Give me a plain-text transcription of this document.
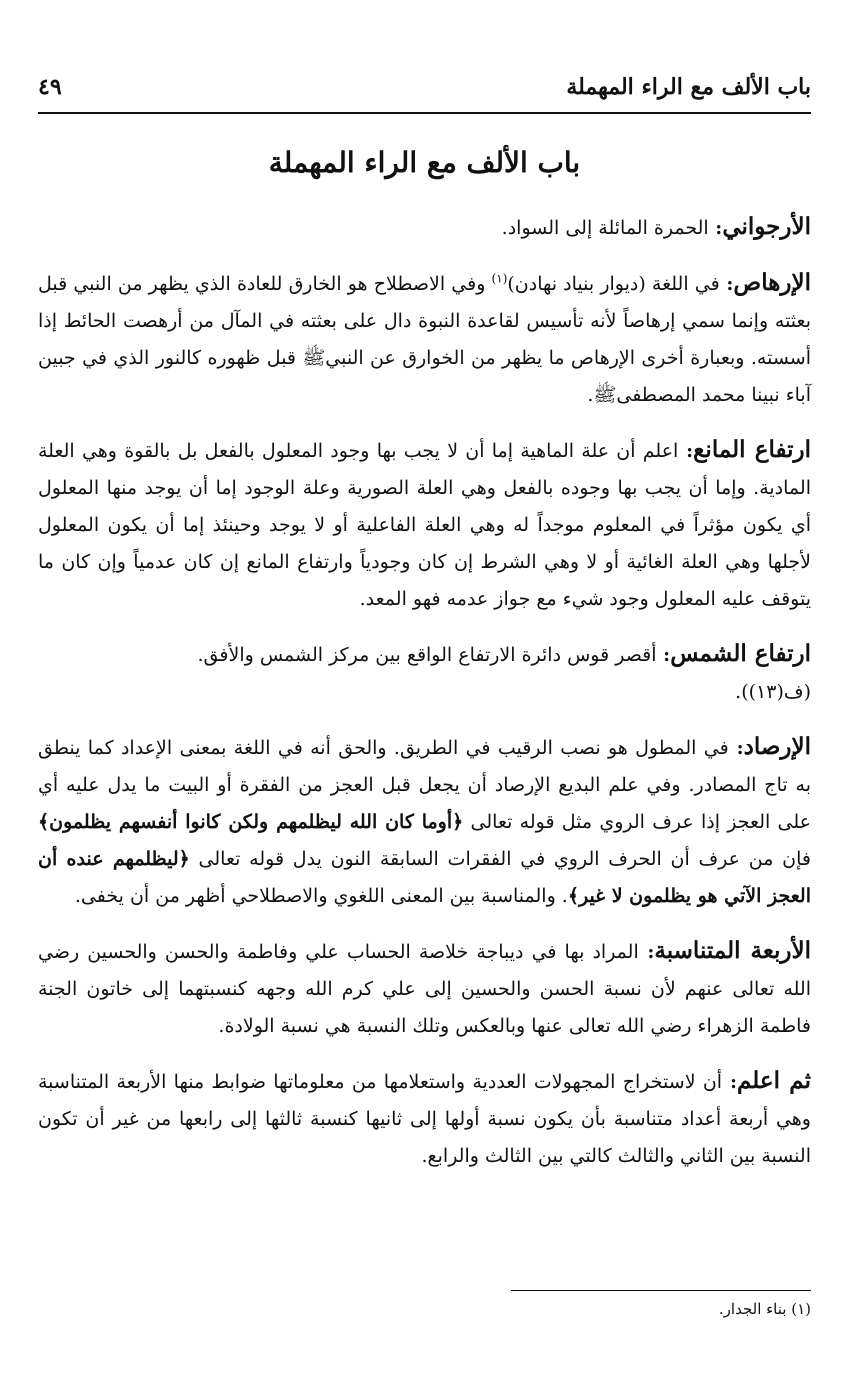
باب الألف مع الراء المهملة
٤٩
باب الألف مع الراء المهملة

الأرجواني: الحمرة المائلة إلى السواد.

الإرهاص: في اللغة (ديوار بنياد نهادن)$^{(١)}$ وفي الاصطلاح هو الخارق للعادة الذي يظهر من النبي قبل بعثته وإنما سمي إرهاصاً لأنه تأسيس لقاعدة النبوة دال على بعثته في المآل من أرهصت الحائط إذا أسسته. وبعبارة أخرى الإرهاص ما يظهر من الخوارق عن النبيﷺ قبل ظهوره كالنور الذي في جبين آباء نبينا محمد المصطفىﷺ.

ارتفاع المانع: اعلم أن علة الماهية إما أن لا يجب بها وجود المعلول بالفعل بل بالقوة وهي العلة المادية. وإما أن يجب بها وجوده بالفعل وهي العلة الصورية وعلة الوجود إما أن يوجد منها المعلول أي يكون مؤثراً في المعلوم موجداً له وهي العلة الفاعلية أو لا يوجد وحينئذ إما أن يكون المعلول لأجلها وهي العلة الغائية أو لا وهي الشرط إن كان وجودياً وارتفاع المانع إن كان عدمياً وإن كان ما يتوقف عليه المعلول وجود شيء مع جواز عدمه فهو المعد.

ارتفاع الشمس: أقصر قوس دائرة الارتفاع الواقع بين مركز الشمس والأفق.
(ف(١٣)).

الإرصاد: في المطول هو نصب الرقيب في الطريق. والحق أنه في اللغة بمعنى الإعداد كما ينطق به تاج المصادر. وفي علم البديع الإرصاد أن يجعل قبل العجز من الفقرة أو البيت ما يدل عليه أي على العجز إذا عرف الروي مثل قوله تعالى ﴿أوما كان الله ليظلمهم ولكن كانوا أنفسهم يظلمون﴾ فإن من عرف أن الحرف الروي في الفقرات السابقة النون يدل قوله تعالى ﴿ليظلمهم عنده أن العجز الآتي هو يظلمون لا غير﴾. والمناسبة بين المعنى اللغوي والاصطلاحي أظهر من أن يخفى.

الأربعة المتناسبة: المراد بها في ديباجة خلاصة الحساب علي وفاطمة والحسن والحسين رضي الله تعالى عنهم لأن نسبة الحسن والحسين إلى علي كرم الله وجهه كنسبتهما إلى خاتون الجنة فاطمة الزهراء رضي الله تعالى عنها وبالعكس وتلك النسبة هي نسبة الولادة.

ثم اعلم: أن لاستخراج المجهولات العددية واستعلامها من معلوماتها ضوابط منها الأربعة المتناسبة وهي أربعة أعداد متناسبة بأن يكون نسبة أولها إلى ثانيها كنسبة ثالثها إلى رابعها من غير أن تكون النسبة بين الثاني والثالث كالتي بين الثالث والرابع.

(١) بناء الجدار.
